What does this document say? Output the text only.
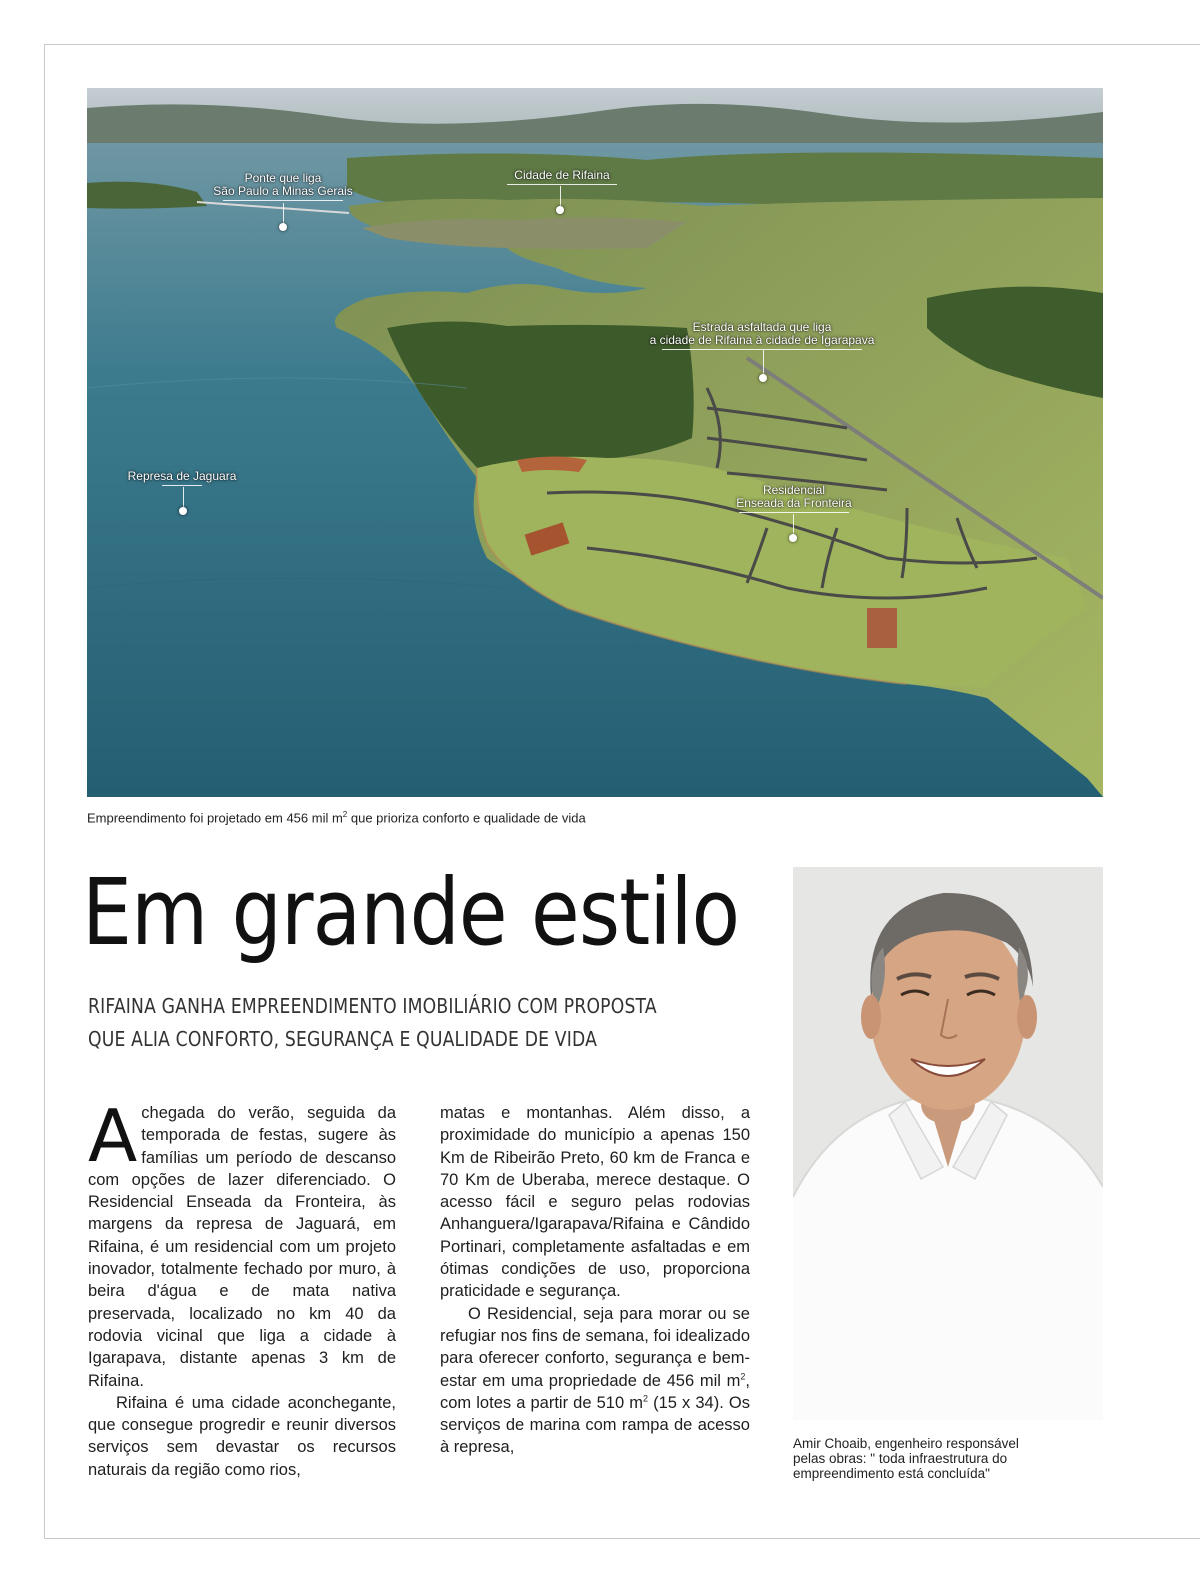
Ponte que liga
São Paulo a Minas Gerais
Cidade de Rifaina
Estrada asfaltada que liga
a cidade de Rifaina à cidade de Igarapava
Represa de Jaguara
Residencial
Enseada da Fronteira
Empreendimento foi projetado em 456 mil $m^2$ que prioriza conforto e qualidade de vida
Em grande estilo
RIFAINA GANHA EMPREENDIMENTO IMOBILIÁRIO COM PROPOSTA
QUE ALIA CONFORTO, SEGURANÇA E QUALIDADE DE VIDA

Achegada do verão, seguida da temporada de festas, sugere às famílias um período de descanso com opções de lazer diferenciado. O Residencial Enseada da Fronteira, às margens da represa de Jaguará, em Rifaina, é um residencial com um projeto inovador, totalmente fechado por muro, à beira d'água e de mata nativa preservada, localizado no km 40 da rodovia vicinal que liga a cidade à Igarapava, distante apenas 3 km de Rifaina.

Rifaina é uma cidade aconchegante, que consegue progredir e reunir diversos serviços sem devastar os recursos naturais da região como rios,

matas e montanhas. Além disso, a proximidade do município a apenas 150 Km de Ribeirão Preto, 60 km de Franca e 70 Km de Uberaba, merece destaque. O acesso fácil e seguro pelas rodovias Anhanguera/Igarapava/Rifaina e Cândido Portinari, completamente asfaltadas e em ótimas condições de uso, proporciona praticidade e segurança.

O Residencial, seja para morar ou se refugiar nos fins de semana, foi idealizado para oferecer conforto, segurança e bem-estar em uma propriedade de 456 mil $m^2$, com lotes a partir de 510 $m^2$ (15 x 34). Os serviços de marina com rampa de acesso à represa,	Amir Choaib, engenheiro responsável
pelas obras: " toda infraestrutura do
empreendimento está concluída"
